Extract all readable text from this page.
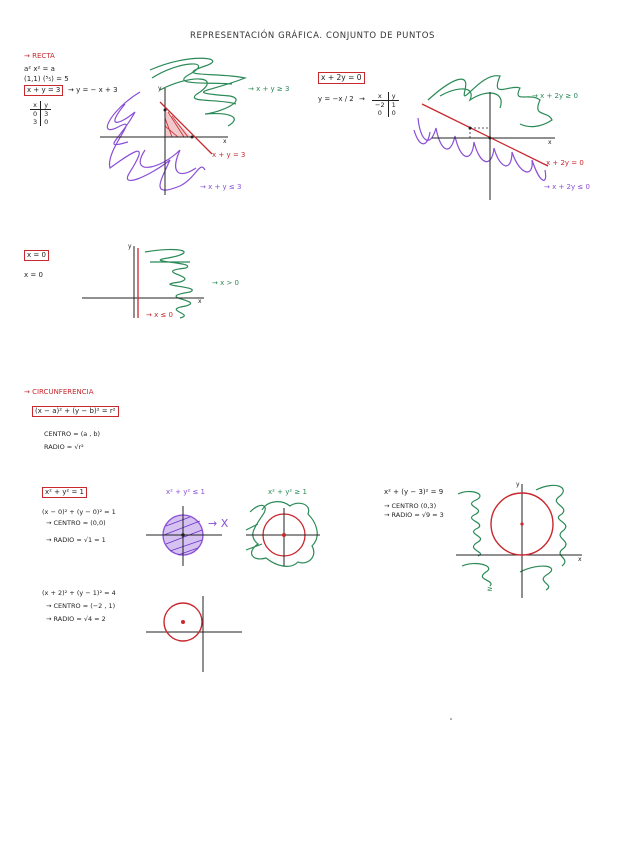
REPRESENTACIÓN GRÁFICA. CONJUNTO DE PUNTOS
→ RECTA
a² x² = a
(1,1) (⁵₅) = 5
x + y = 3	→ y = − x + 3
x	y
0	3
3	0
→ x + y ≥ 3
x + y = 3
→ x + y ≤ 3
x + 2y = 0
y = −x / 2 → x	y
−2	1
0	0
→ x + 2y ≥ 0
x + 2y = 0
→ x + 2y ≤ 0
x = 0
x = 0
→ x > 0
→ x ≤ 0
→ CIRCUNFERENCIA
(x − a)² + (y − b)² = r²
CENTRO = (a , b)
RADIO = √r²
x² + y² = 1
(x − 0)² + (y − 0)² = 1
→ CENTRO = (0,0)
→ RADIO = √1 = 1
x² + y² ≤ 1
→ X
x² + y² ≥ 1	x² + (y − 3)² = 9
→ CENTRO (0,3)
→ RADIO = √9 = 3
≥
(x + 2)² + (y − 1)² = 4
→ CENTRO = (−2 , 1)
→ RADIO = √4 = 2
x
y
x
y
x
x
y
